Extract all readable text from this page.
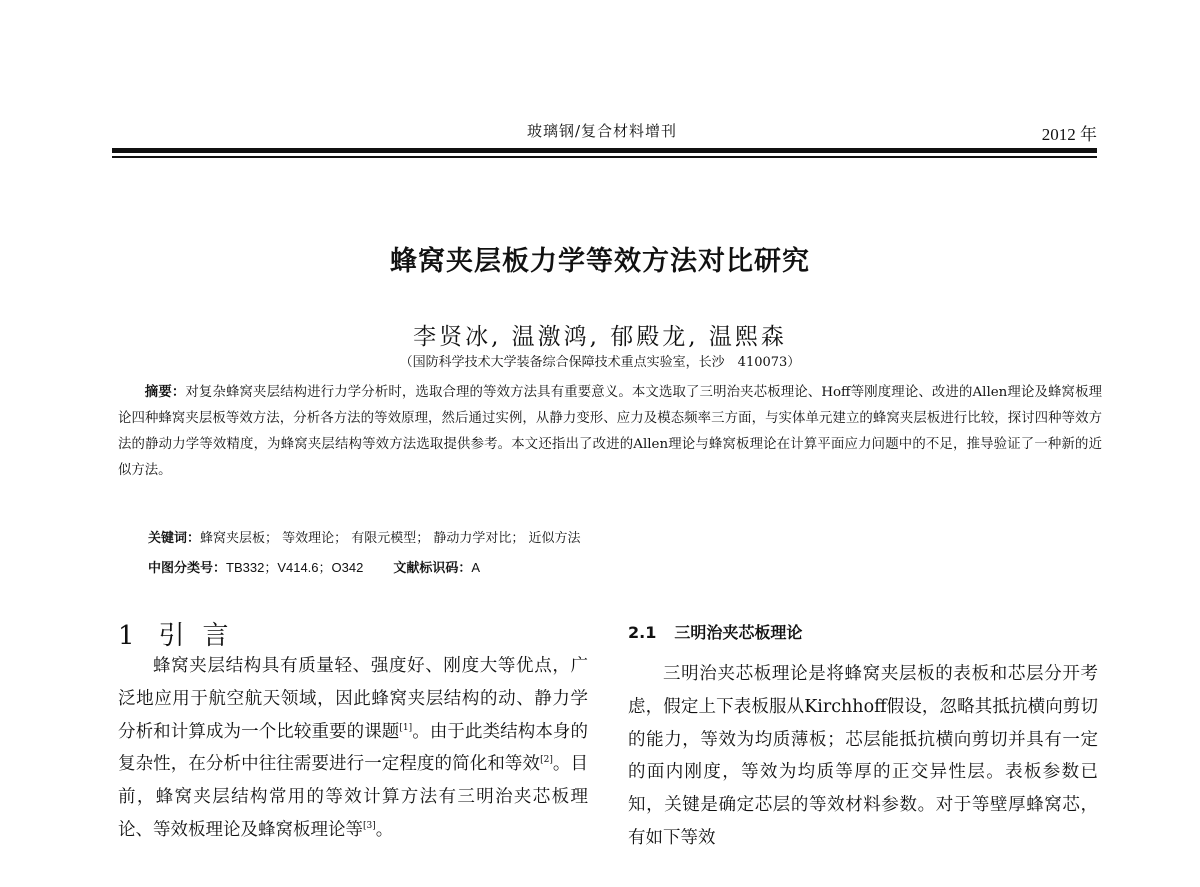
玻璃钢/复合材料增刊	2012 年
蜂窝夹层板力学等效方法对比研究
李贤冰, 温激鸿, 郁殿龙, 温熙森
（国防科学技术大学装备综合保障技术重点实验室，长沙　410073）
摘要：对复杂蜂窝夹层结构进行力学分析时，选取合理的等效方法具有重要意义。本文选取了三明治夹芯板理论、Hoff等刚度理论、改进的Allen理论及蜂窝板理论四种蜂窝夹层板等效方法，分析各方法的等效原理，然后通过实例，从静力变形、应力及模态频率三方面，与实体单元建立的蜂窝夹层板进行比较，探讨四种等效方法的静动力学等效精度，为蜂窝夹层结构等效方法选取提供参考。本文还指出了改进的Allen理论与蜂窝板理论在计算平面应力问题中的不足，推导验证了一种新的近似方法。
关键词：蜂窝夹层板； 等效理论； 有限元模型； 静动力学对比； 近似方法
中图分类号：TB332；V414.6；O342 文献标识码：A
1 引言

蜂窝夹层结构具有质量轻、强度好、刚度大等优点，广泛地应用于航空航天领域，因此蜂窝夹层结构的动、静力学分析和计算成为一个比较重要的课题[1]。由于此类结构本身的复杂性，在分析中往往需要进行一定程度的简化和等效[2]。目前，蜂窝夹层结构常用的等效计算方法有三明治夹芯板理论、等效板理论及蜂窝板理论等[3]。

2.1 三明治夹芯板理论

三明治夹芯板理论是将蜂窝夹层板的表板和芯层分开考虑，假定上下表板服从Kirchhoff假设，忽略其抵抗横向剪切的能力，等效为均质薄板；芯层能抵抗横向剪切并具有一定的面内刚度，等效为均质等厚的正交异性层。表板参数已知，关键是确定芯层的等效材料参数。对于等壁厚蜂窝芯，有如下等效
